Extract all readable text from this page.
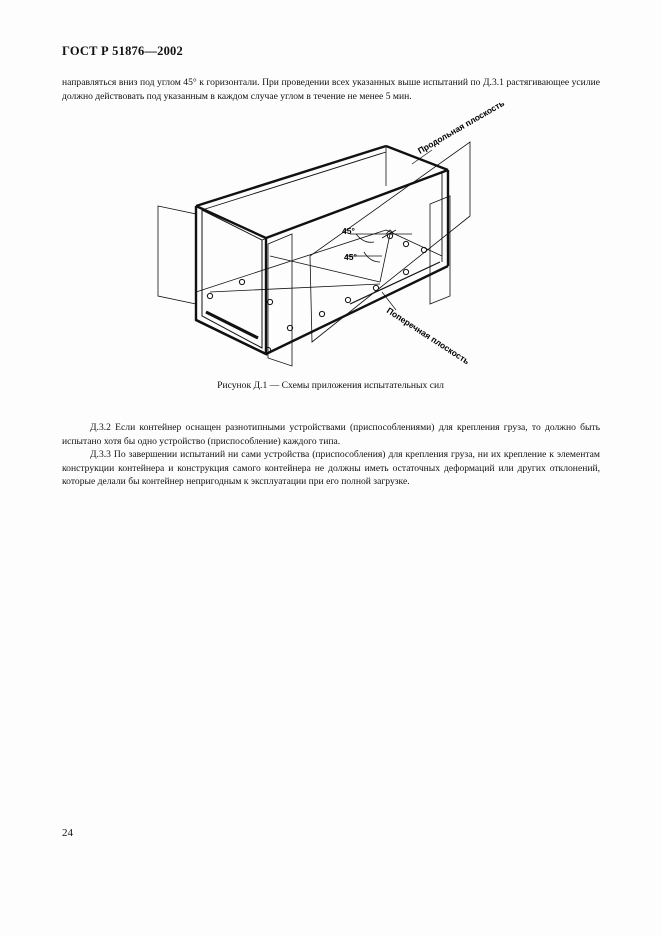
ГОСТ Р 51876—2002
направляться вниз под углом 45° к горизонтали. При проведении всех указанных выше испытаний по Д.3.1 растягивающее усилие должно действовать под указанным в каждом случае углом в течение не менее 5 мин.
Продольная плоскость
Поперечная плоскость
45°
45°
Рисунок Д.1 — Схемы приложения испытательных сил
Д.3.2 Если контейнер оснащен разнотипными устройствами (приспособлениями) для крепления груза, то должно быть испытано хотя бы одно устройство (приспособление) каждого типа.
Д.3.3 По завершении испытаний ни сами устройства (приспособления) для крепления груза, ни их крепление к элементам конструкции контейнера и конструкция самого контейнера не должны иметь остаточных деформаций или других отклонений, которые делали бы контейнер непригодным к эксплуатации при его полной загрузке.
24
